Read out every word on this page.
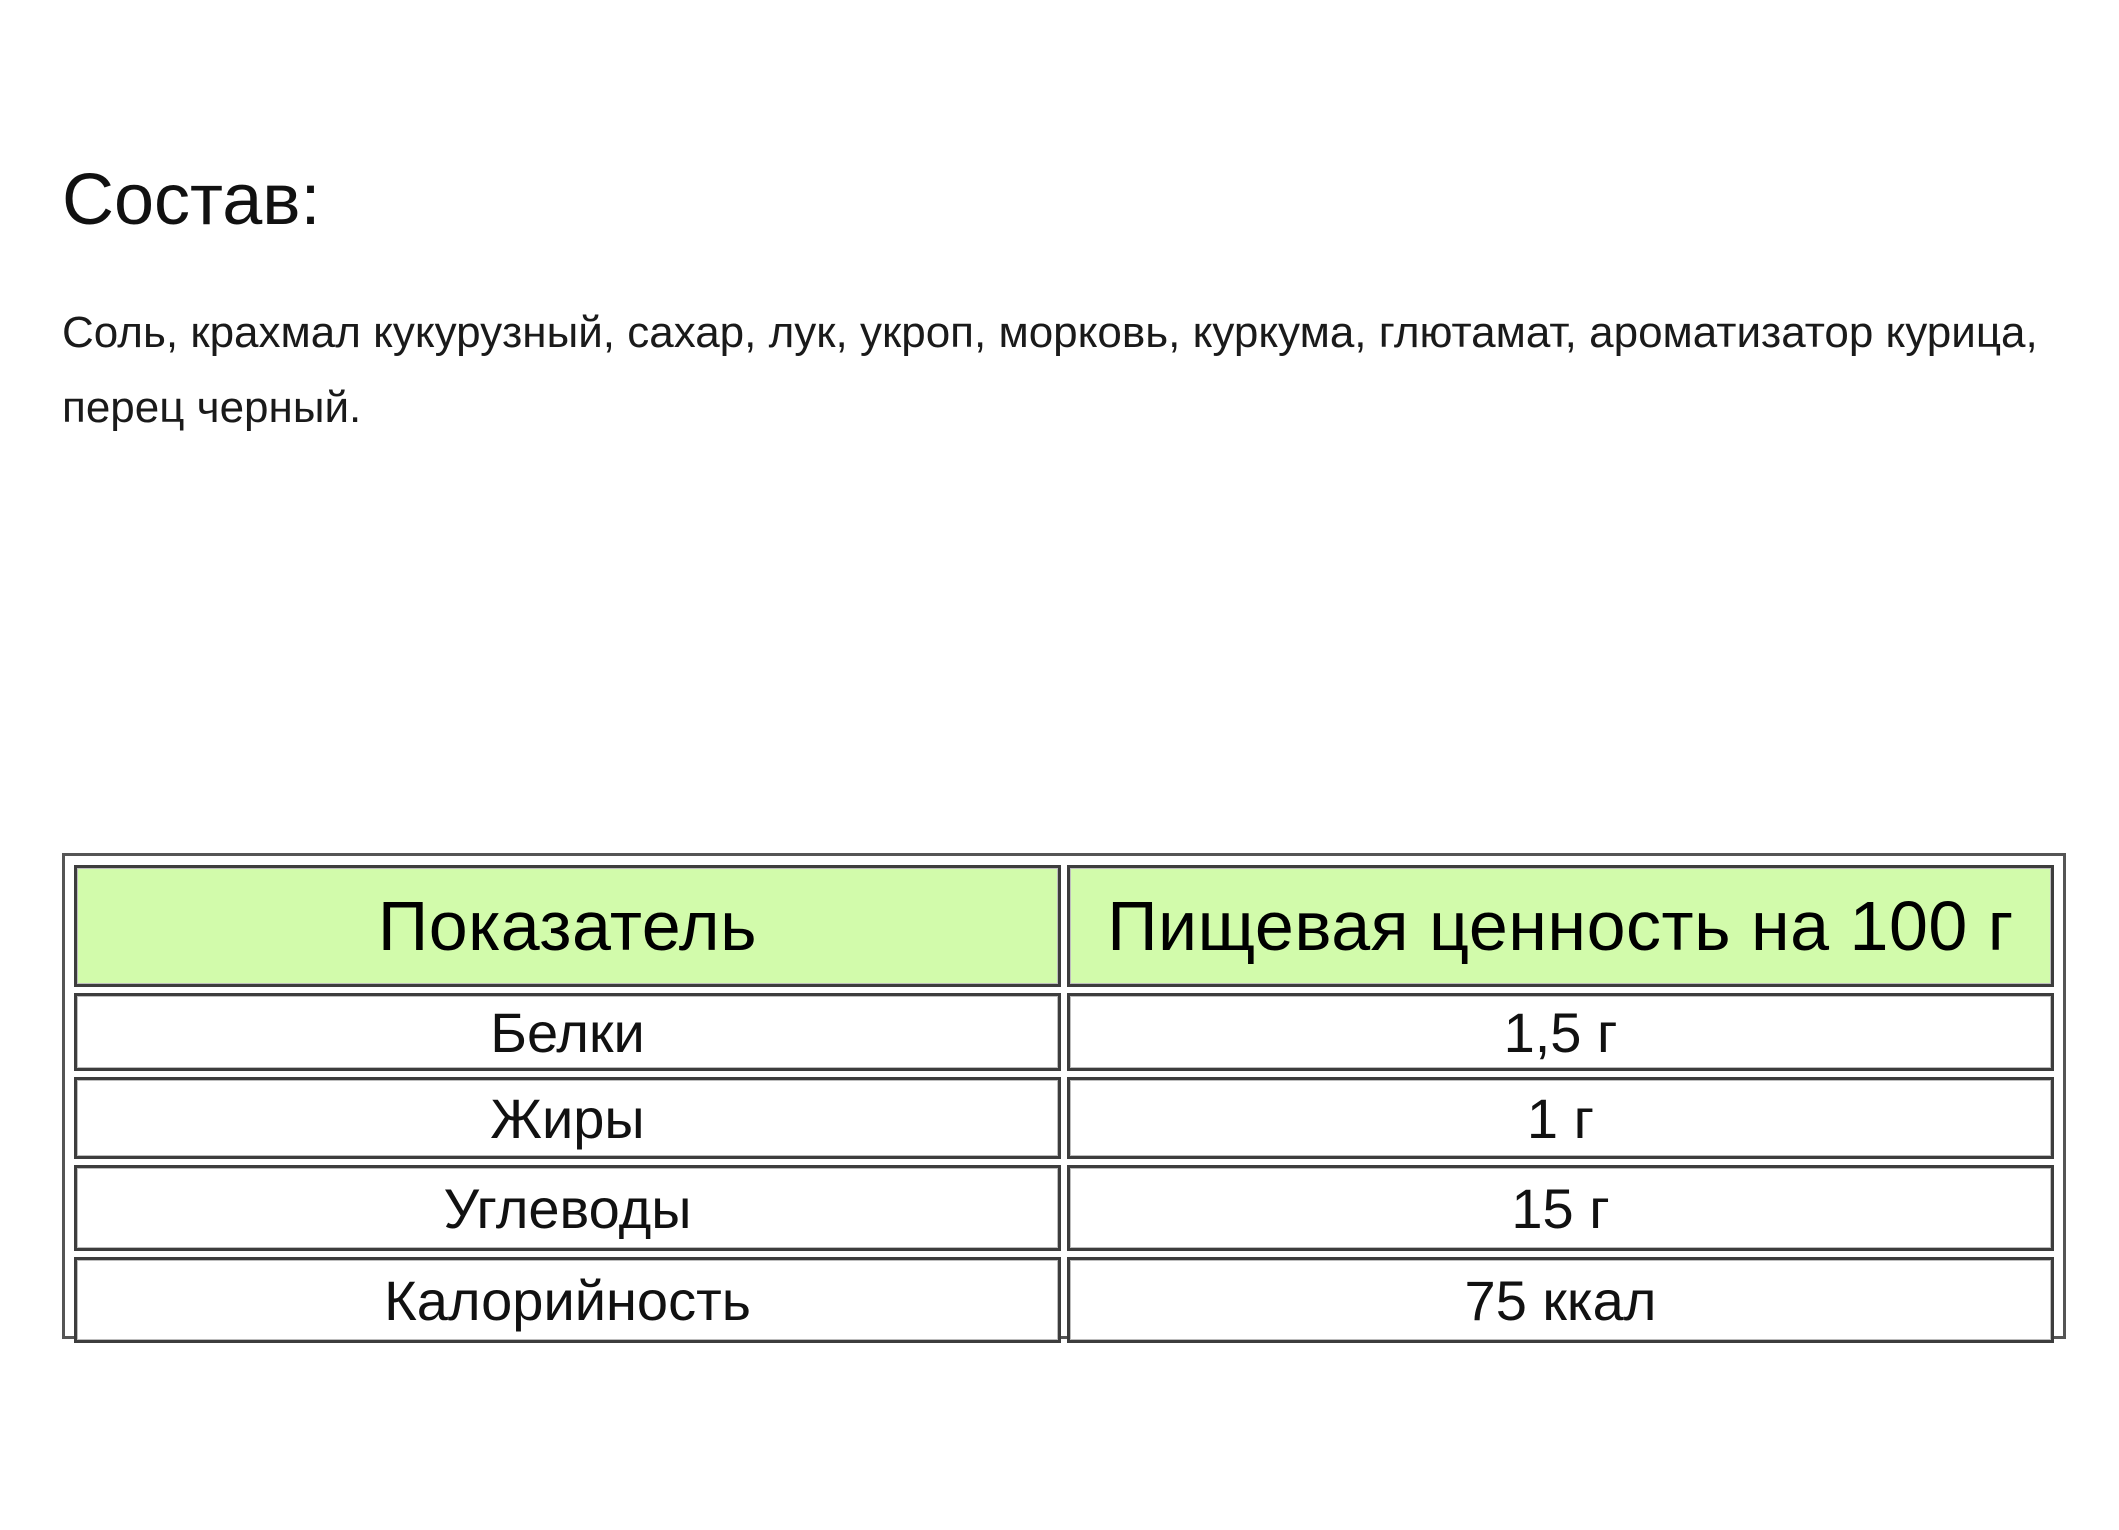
Состав:

Соль, крахмал кукурузный, сахар, лук, укроп, морковь, куркума, глютамат, ароматизатор курица, перец черный.

Показатель	Пищевая ценность на 100 г
Белки	1,5 г
Жиры	1 г
Углеводы	15 г
Калорийность	75 ккал
